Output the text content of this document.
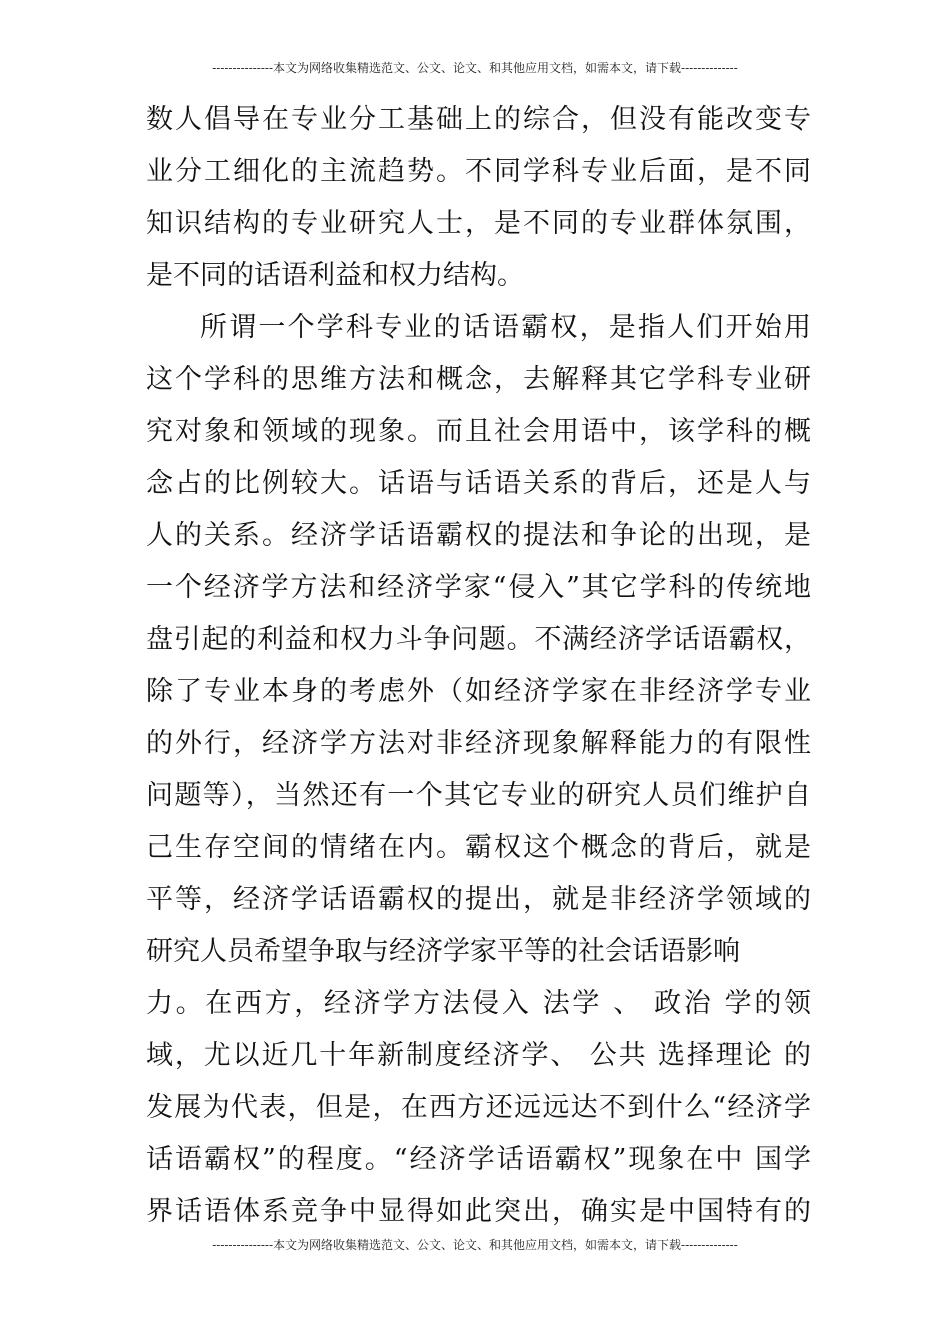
---------------本文为网络收集精选范文、公文、论文、和其他应用文档，如需本文，请下载--------------
数人倡导在专业分工基础上的综合，但没有能改变专
业分工细化的主流趋势。不同学科专业后面，是不同
知识结构的专业研究人士，是不同的专业群体氛围，
是不同的话语利益和权力结构。
所谓一个学科专业的话语霸权，是指人们开始用
这个学科的思维方法和概念，去解释其它学科专业研
究对象和领域的现象。而且社会用语中，该学科的概
念占的比例较大。话语与话语关系的背后，还是人与
人的关系。经济学话语霸权的提法和争论的出现，是
一个经济学方法和经济学家“侵入”其它学科的传统地
盘引起的利益和权力斗争问题。不满经济学话语霸权，
除了专业本身的考虑外（如经济学家在非经济学专业
的外行，经济学方法对非经济现象解释能力的有限性
问题等），当然还有一个其它专业的研究人员们维护自
己生存空间的情绪在内。霸权这个概念的背后，就是
平等，经济学话语霸权的提出，就是非经济学领域的
研究人员希望争取与经济学家平等的社会话语影响
力。在西方，经济学方法侵入 法学 、 政治 学的领
域，尤以近几十年新制度经济学、 公共 选择理论 的
发展为代表，但是，在西方还远远达不到什么“经济学
话语霸权”的程度。“经济学话语霸权”现象在中 国学
界话语体系竞争中显得如此突出，确实是中国特有的
---------------本文为网络收集精选范文、公文、论文、和其他应用文档，如需本文，请下载--------------
